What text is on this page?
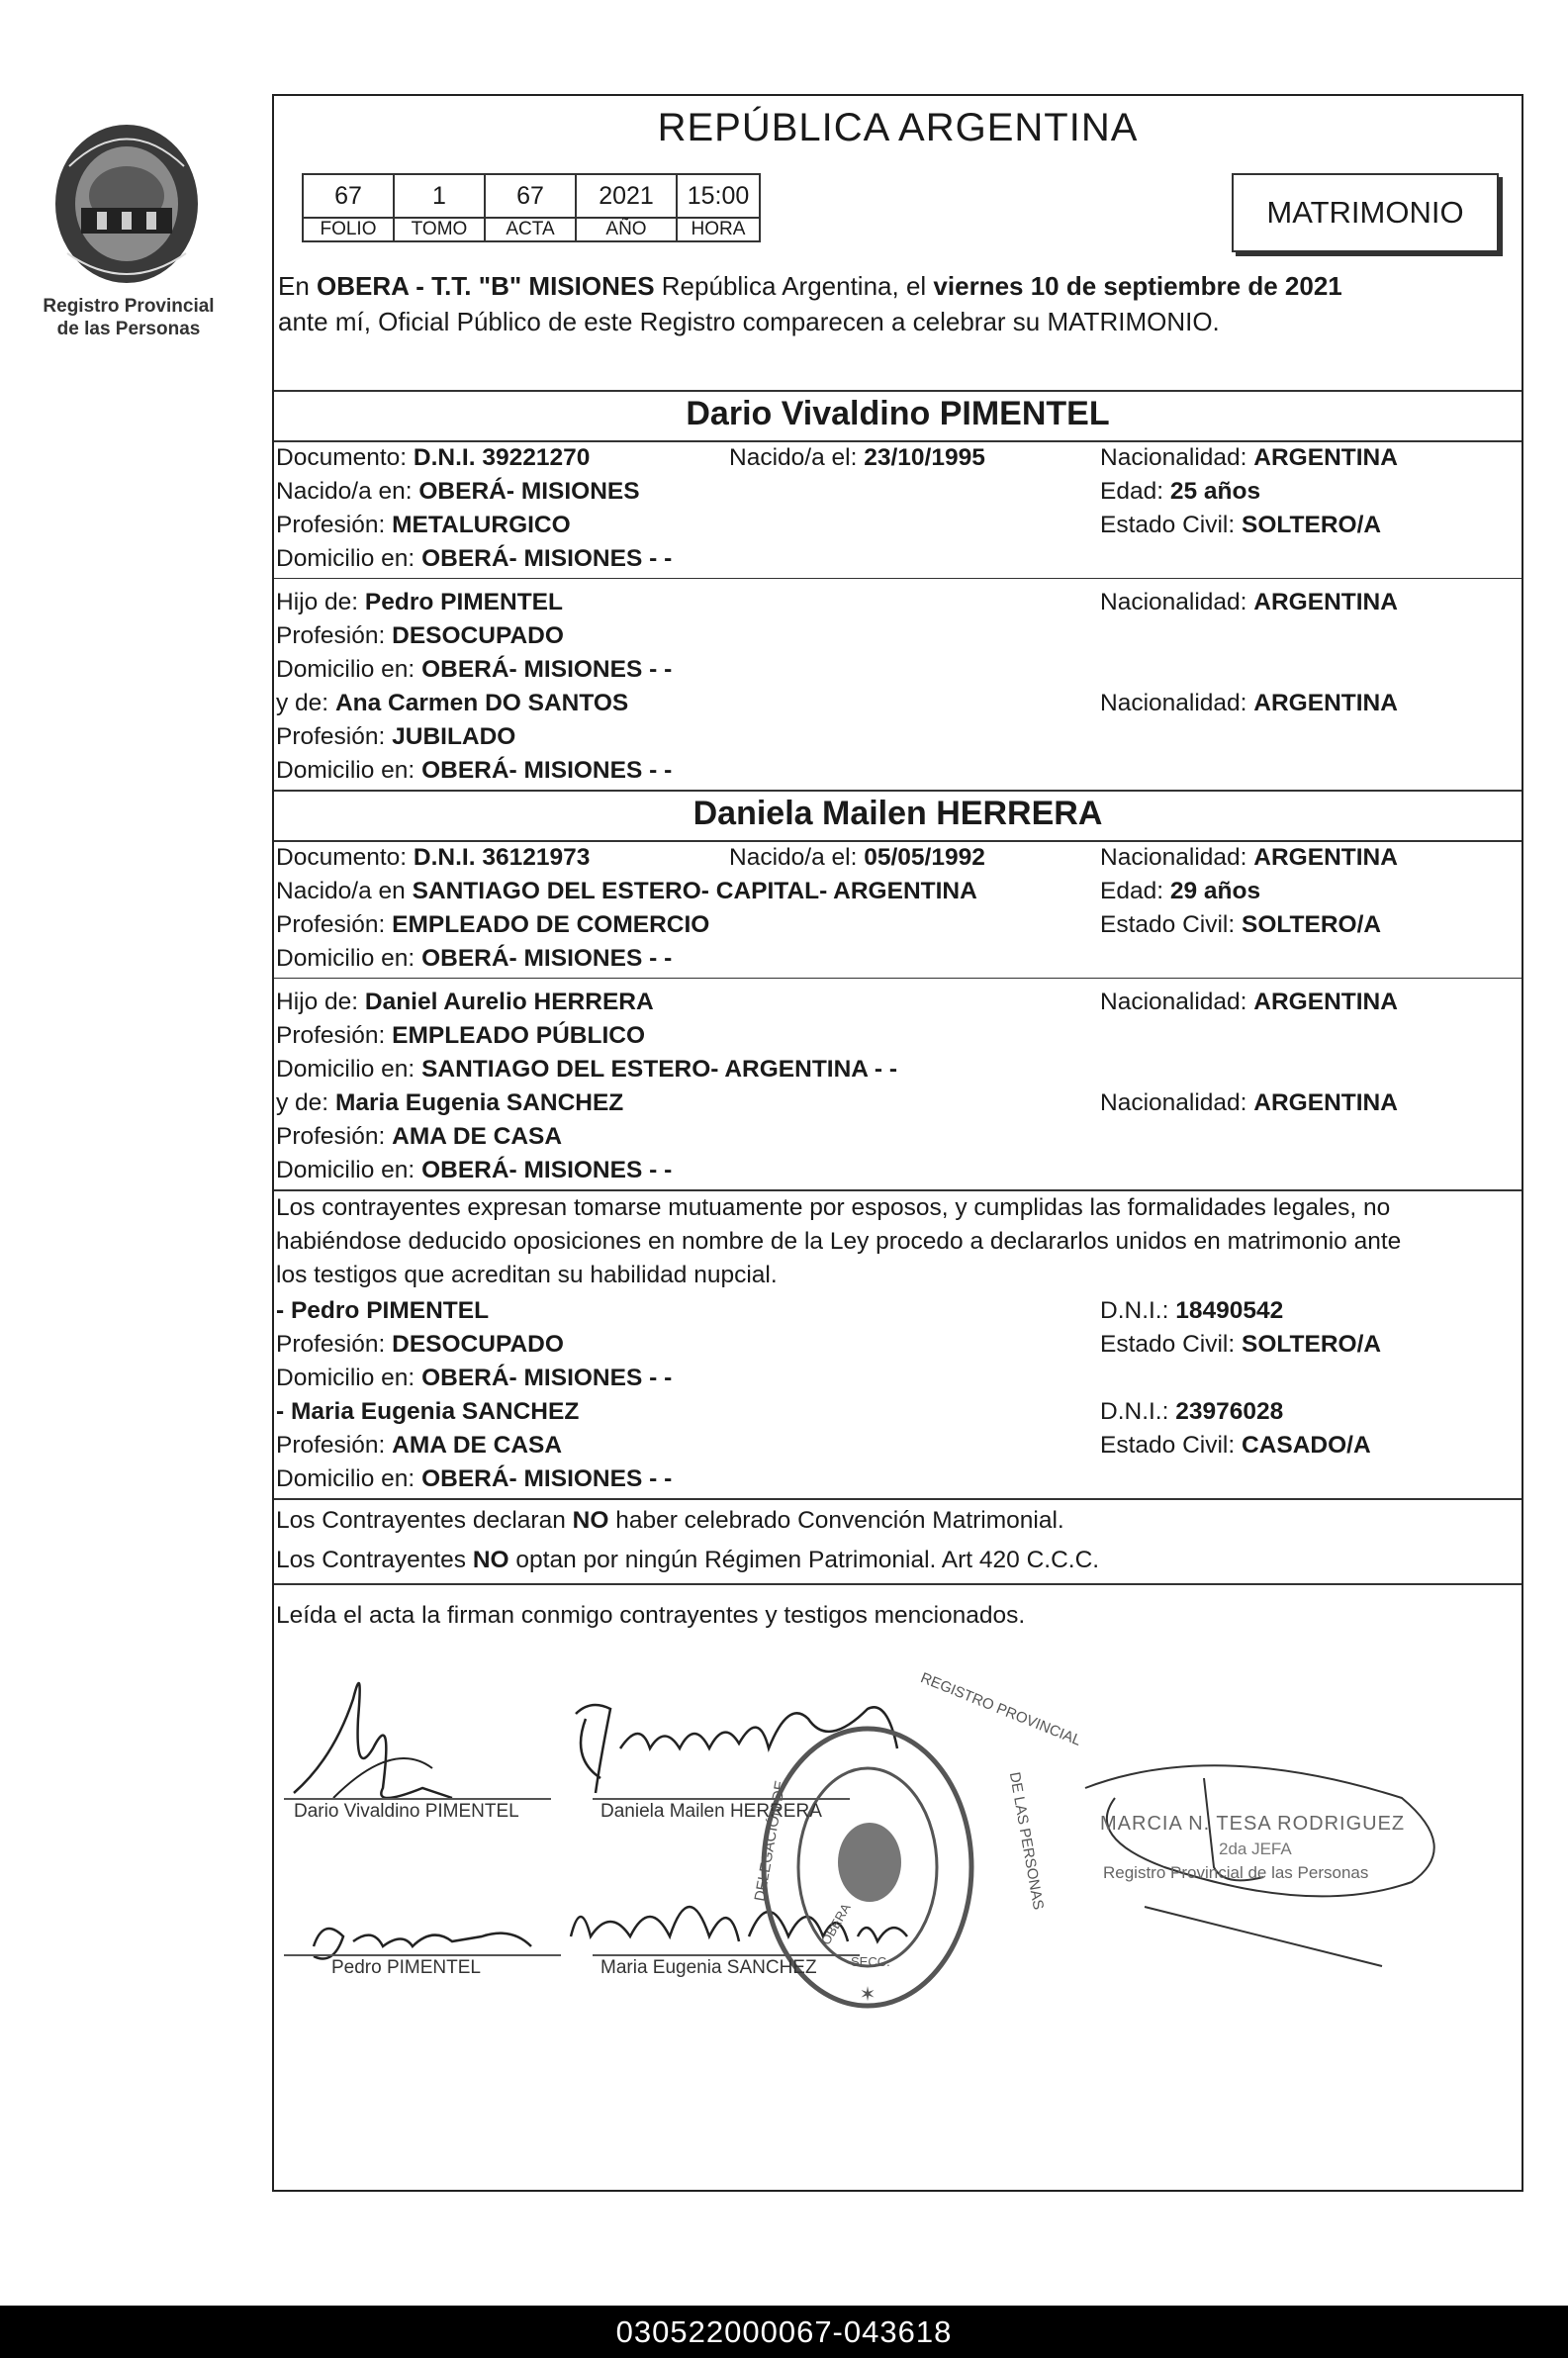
Registro Provincial
de las Personas
REPÚBLICA ARGENTINA
67	1	67	2021	15:00
FOLIO	TOMO	ACTA	AÑO	HORA	MATRIMONIO
En OBERA - T.T. "B" MISIONES República Argentina, el viernes 10 de septiembre de 2021
ante mí, Oficial Público de este Registro comparecen a celebrar su MATRIMONIO.
Dario Vivaldino PIMENTEL
Documento: D.N.I. 39221270	Nacido/a el: 23/10/1995	Nacionalidad: ARGENTINA
Nacido/a en: OBERÁ- MISIONES	Edad: 25 años
Profesión: METALURGICO	Estado Civil: SOLTERO/A
Domicilio en: OBERÁ- MISIONES - -
Hijo de: Pedro PIMENTEL	Nacionalidad: ARGENTINA
Profesión: DESOCUPADO
Domicilio en: OBERÁ- MISIONES - -
y de: Ana Carmen DO SANTOS	Nacionalidad: ARGENTINA
Profesión: JUBILADO
Domicilio en: OBERÁ- MISIONES - -
Daniela Mailen HERRERA
Documento: D.N.I. 36121973	Nacido/a el: 05/05/1992	Nacionalidad: ARGENTINA
Nacido/a en SANTIAGO DEL ESTERO- CAPITAL- ARGENTINA	Edad: 29 años
Profesión: EMPLEADO DE COMERCIO	Estado Civil: SOLTERO/A
Domicilio en: OBERÁ- MISIONES - -
Hijo de: Daniel Aurelio HERRERA	Nacionalidad: ARGENTINA
Profesión: EMPLEADO PÚBLICO
Domicilio en: SANTIAGO DEL ESTERO- ARGENTINA - -
y de: Maria Eugenia SANCHEZ	Nacionalidad: ARGENTINA
Profesión: AMA DE CASA
Domicilio en: OBERÁ- MISIONES - -
Los contrayentes expresan tomarse mutuamente por esposos, y cumplidas las formalidades legales, no
habiéndose deducido oposiciones en nombre de la Ley procedo a declararlos unidos en matrimonio ante
los testigos que acreditan su habilidad nupcial.
- Pedro PIMENTEL	D.N.I.: 18490542
Profesión: DESOCUPADO	Estado Civil: SOLTERO/A
Domicilio en: OBERÁ- MISIONES - -
- Maria Eugenia SANCHEZ	D.N.I.: 23976028
Profesión: AMA DE CASA	Estado Civil: CASADO/A
Domicilio en: OBERÁ- MISIONES - -
Los Contrayentes declaran NO haber celebrado Convención Matrimonial.
Los Contrayentes NO optan por ningún Régimen Patrimonial. Art 420 C.C.C.
Leída el acta la firman conmigo contrayentes y testigos mencionados.
✶
Dario Vivaldino PIMENTEL	Daniela Mailen HERRERA
Pedro PIMENTEL	Maria Eugenia SANCHEZ
REGISTRO PROVINCIAL
DELEGACIÓN DE	DE LAS PERSONAS
OBERA
SECC.
MARCIA N. TESA RODRIGUEZ
2da JEFA
Registro Provincial de las Personas
030522000067-043618
